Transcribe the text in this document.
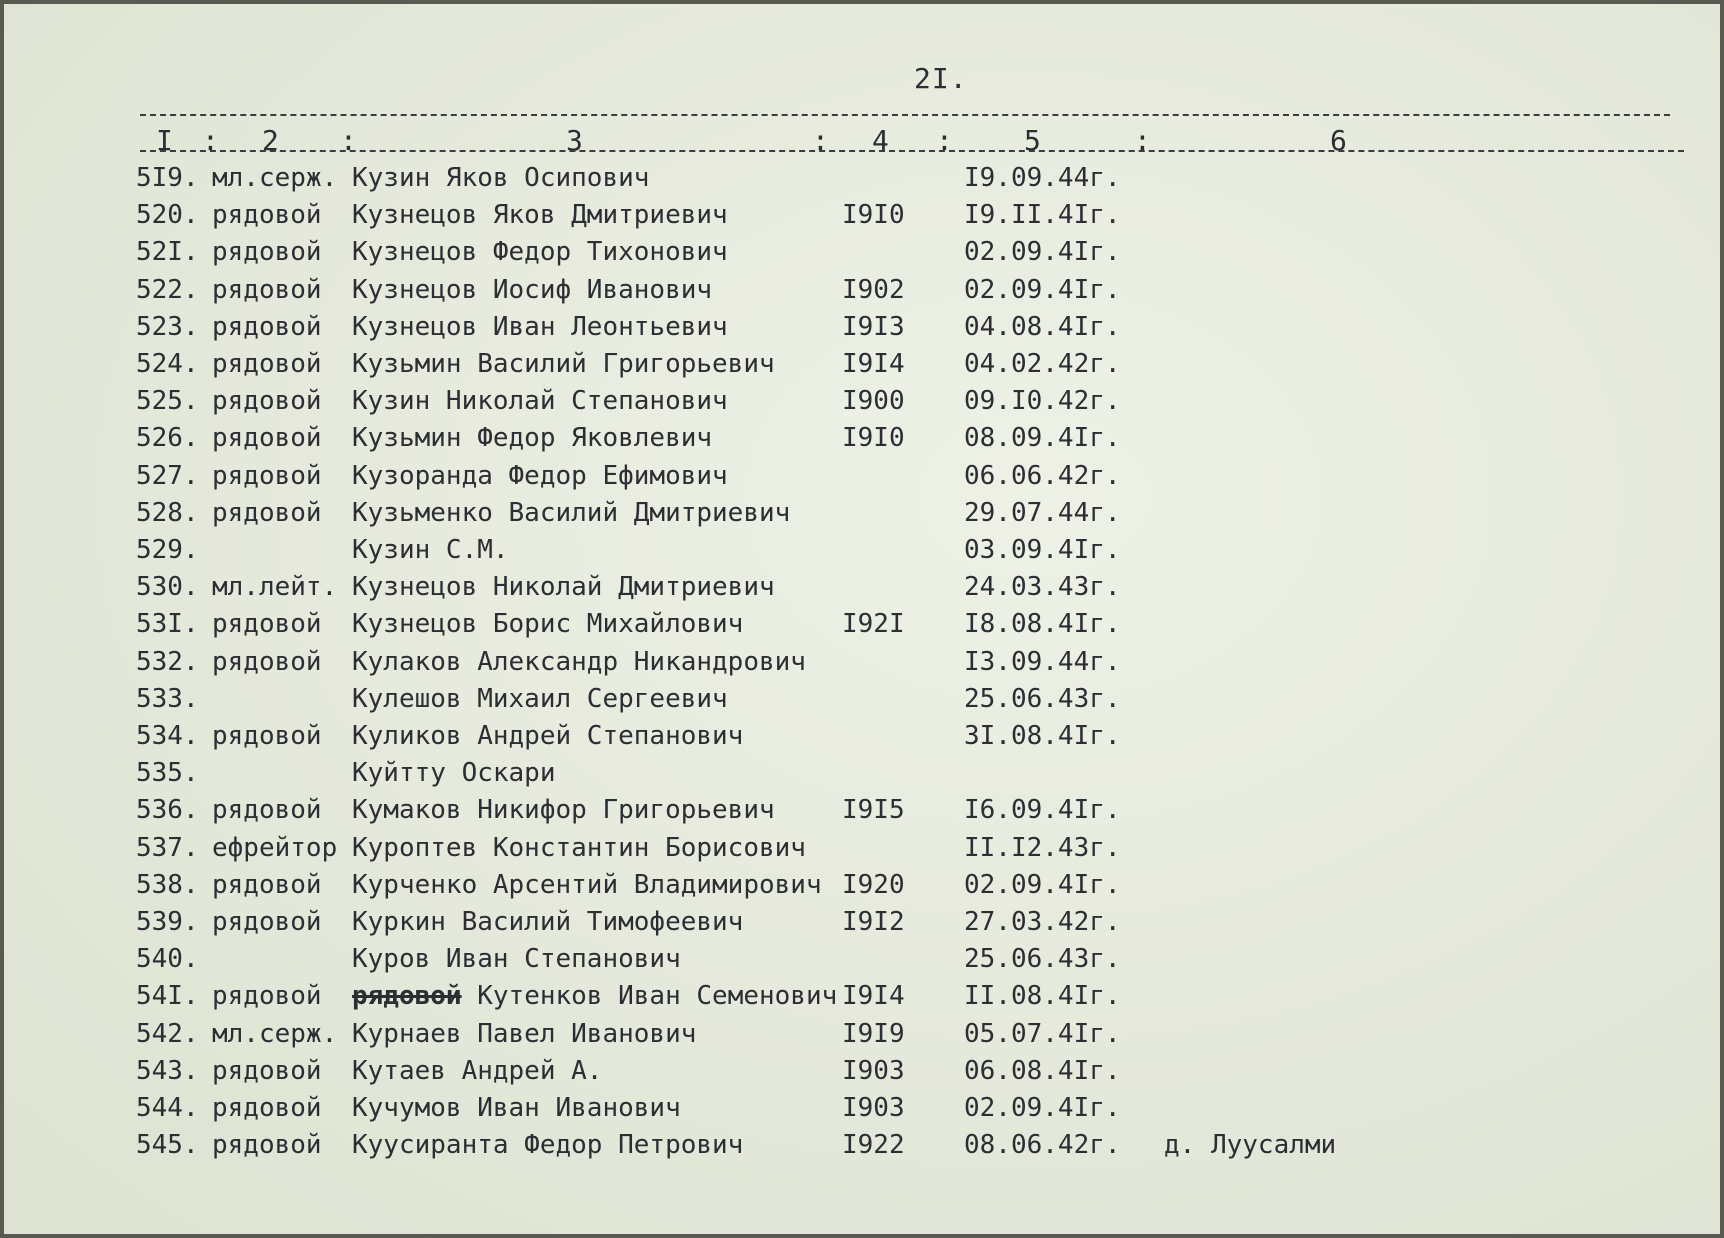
2I.
I : 2 :	3	: 4 :	5	:	6
5I9. мл.серж. Кузин Яков Осипович	I9.09.44г.
520. рядовой Кузнецов Яков Дмитриевич	I9I0 I9.II.4Iг.
52I. рядовой Кузнецов Федор Тихонович	02.09.4Iг.
522. рядовой Кузнецов Иосиф Иванович	I902 02.09.4Iг.
523. рядовой Кузнецов Иван Леонтьевич	I9I3 04.08.4Iг.
524. рядовой Кузьмин Василий Григорьевич	I9I4 04.02.42г.
525. рядовой Кузин Николай Степанович	I900 09.I0.42г.
526. рядовой Кузьмин Федор Яковлевич	I9I0 08.09.4Iг.
527. рядовой Кузоранда Федор Ефимович	06.06.42г.
528. рядовой Кузьменко Василий Дмитриевич	29.07.44г.
529.	Кузин С.М.	03.09.4Iг.
530. мл.лейт. Кузнецов Николай Дмитриевич	24.03.43г.
53I. рядовой Кузнецов Борис Михайлович	I92I I8.08.4Iг.
532. рядовой Кулаков Александр Никандрович	I3.09.44г.
533.	Кулешов Михаил Сергеевич	25.06.43г.
534. рядовой Куликов Андрей Степанович	3I.08.4Iг.
535.	Куйтту Оскари
536. рядовой Кумаков Никифор Григорьевич	I9I5 I6.09.4Iг.
537. ефрейтор Куроптев Константин Борисович	II.I2.43г.
538. рядовой Курченко Арсентий Владимирович I920 02.09.4Iг.
539. рядовой Куркин Василий Тимофеевич	I9I2 27.03.42г.
540.	Куров Иван Степанович	25.06.43г.
54I. рядовой рядовой Кутенков Иван Семенович I9I4 II.08.4Iг.
542. мл.серж. Курнаев Павел Иванович	I9I9 05.07.4Iг.
543. рядовой Кутаев Андрей А.	I903 06.08.4Iг.
544. рядовой Кучумов Иван Иванович	I903 02.09.4Iг.
545. рядовой Куусиранта Федор Петрович	I922 08.06.42г. д. Луусалми
